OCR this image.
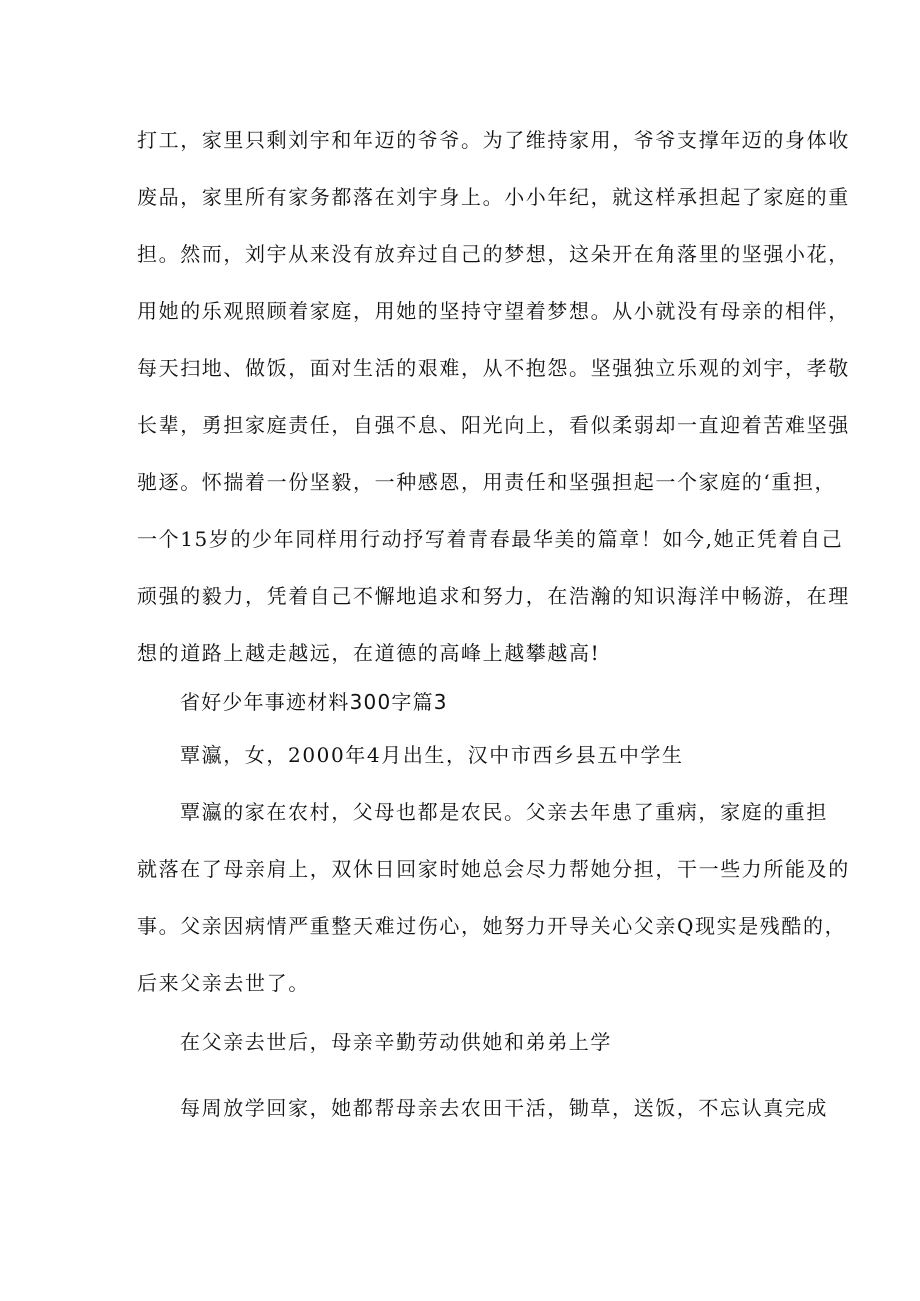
打工，家里只剩刘宇和年迈的爷爷。为了维持家用，爷爷支撑年迈的身体收
废品，家里所有家务都落在刘宇身上。小小年纪，就这样承担起了家庭的重
担。然而，刘宇从来没有放弃过自己的梦想，这朵开在角落里的坚强小花，
用她的乐观照顾着家庭，用她的坚持守望着梦想。从小就没有母亲的相伴，
每天扫地、做饭，面对生活的艰难，从不抱怨。坚强独立乐观的刘宇，孝敬
长辈，勇担家庭责任，自强不息、阳光向上，看似柔弱却一直迎着苦难坚强
驰逐。怀揣着一份坚毅，一种感恩，用责任和坚强担起一个家庭的‘重担，
一个15岁的少年同样用行动抒写着青春最华美的篇章！如今,她正凭着自己
顽强的毅力，凭着自己不懈地追求和努力，在浩瀚的知识海洋中畅游，在理
想的道路上越走越远，在道德的高峰上越攀越高!
省好少年事迹材料300字篇3
覃瀛，女，2000年4月出生，汉中市西乡县五中学生
覃瀛的家在农村，父母也都是农民。父亲去年患了重病，家庭的重担
就落在了母亲肩上，双休日回家时她总会尽力帮她分担，干一些力所能及的
事。父亲因病情严重整天难过伤心，她努力开导关心父亲Q现实是残酷的，
后来父亲去世了。
在父亲去世后，母亲辛勤劳动供她和弟弟上学
每周放学回家，她都帮母亲去农田干活，锄草，送饭，不忘认真完成
